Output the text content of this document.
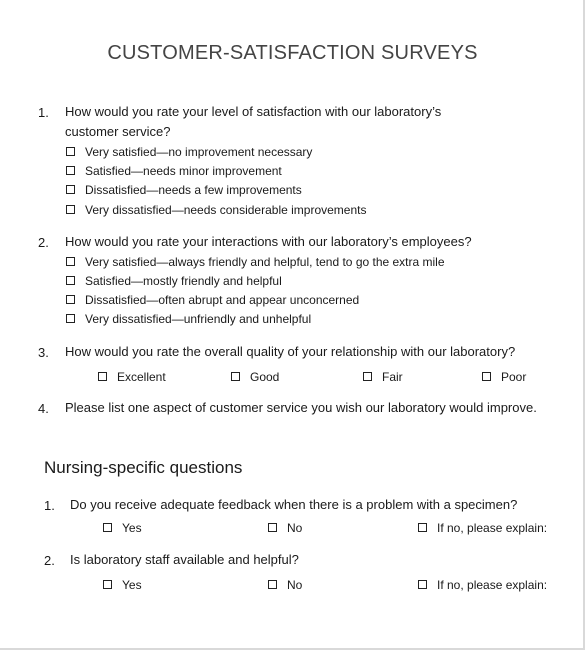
CUSTOMER-SATISFACTION SURVEYS
1. How would you rate your level of satisfaction with our laboratory’s customer service?
Very satisfied—no improvement necessary
Satisfied—needs minor improvement
Dissatisfied—needs a few improvements
Very dissatisfied—needs considerable improvements
2. How would you rate your interactions with our laboratory’s employees?
Very satisfied—always friendly and helpful, tend to go the extra mile
Satisfied—mostly friendly and helpful
Dissatisfied—often abrupt and appear unconcerned
Very dissatisfied—unfriendly and unhelpful
3. How would you rate the overall quality of your relationship with our laboratory?
Excellent	Good	Fair	Poor
4. Please list one aspect of customer service you wish our laboratory would improve.
Nursing-specific questions
1. Do you receive adequate feedback when there is a problem with a specimen?
Yes	No	If no, please explain:
2. Is laboratory staff available and helpful?
Yes	No	If no, please explain:
